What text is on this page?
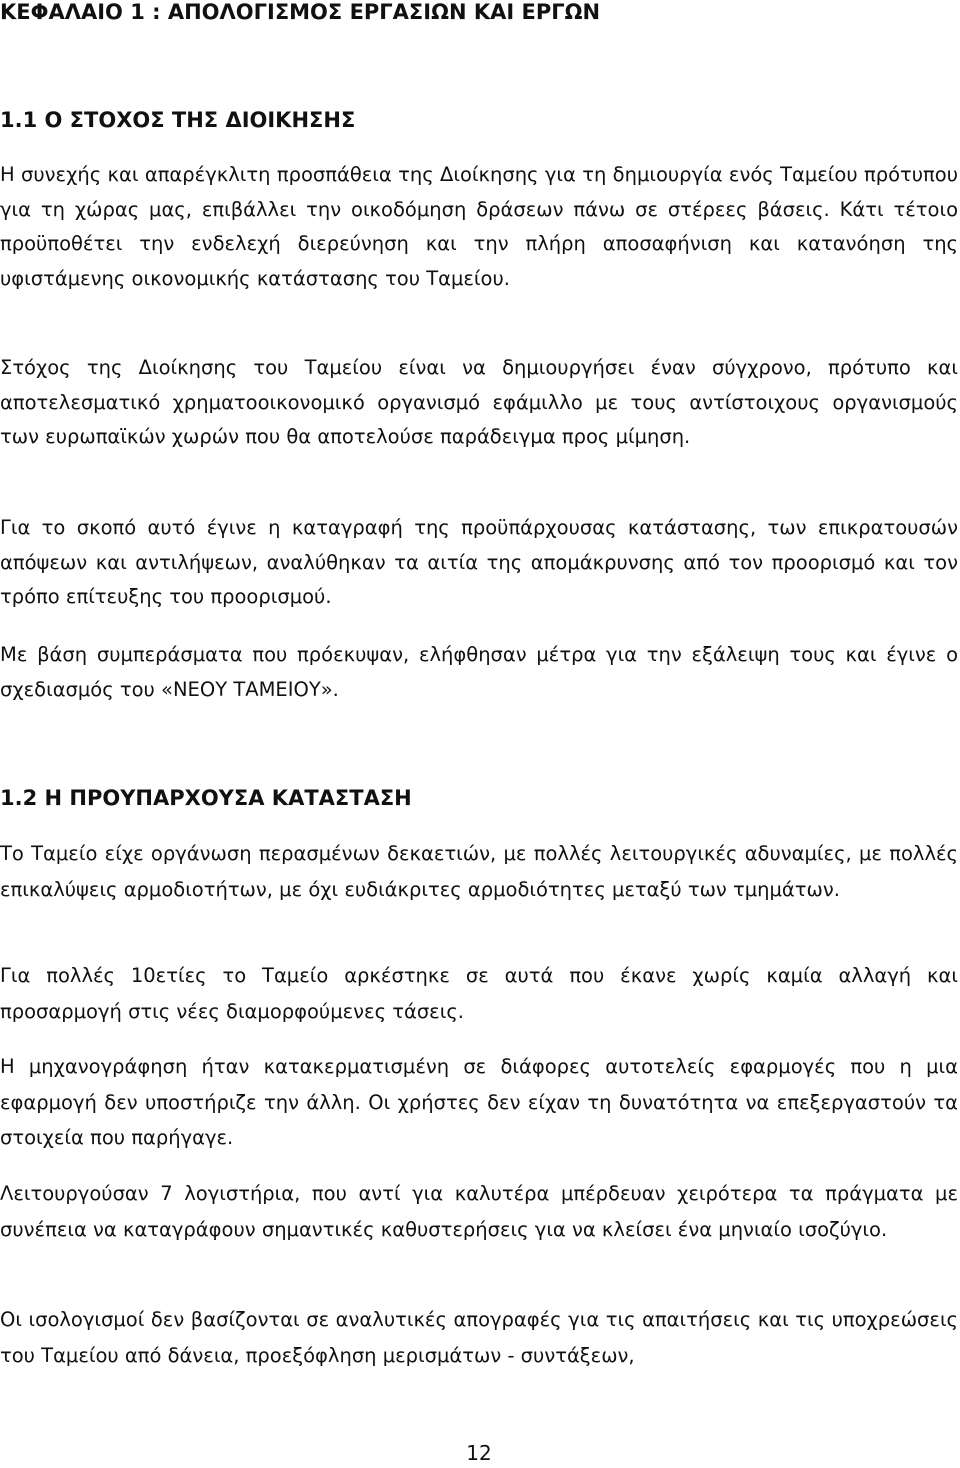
ΚΕΦΑΛΑΙΟ 1 : ΑΠΟΛΟΓΙΣΜΟΣ ΕΡΓΑΣΙΩΝ ΚΑΙ ΕΡΓΩΝ
1.1 Ο ΣΤΟΧΟΣ ΤΗΣ ΔΙΟΙΚΗΣΗΣ

Η συνεχής και απαρέγκλιτη προσπάθεια της Διοίκησης για τη δημιουργία ενός Ταμείου πρότυπου για τη χώρας μας, επιβάλλει την οικοδόμηση δράσεων πάνω σε στέρεες βάσεις. Κάτι τέτοιο προϋποθέτει την ενδελεχή διερεύνηση και την πλήρη αποσαφήνιση και κατανόηση της υφιστάμενης οικονομικής κατάστασης του Ταμείου.

Στόχος της Διοίκησης του Ταμείου είναι να δημιουργήσει έναν σύγχρονο, πρότυπο και αποτελεσματικό χρηματοοικονομικό οργανισμό εφάμιλλο με τους αντίστοιχους οργανισμούς των ευρωπαϊκών χωρών που θα αποτελούσε παράδειγμα προς μίμηση.

Για το σκοπό αυτό έγινε η καταγραφή της προϋπάρχουσας κατάστασης, των επικρατουσών απόψεων και αντιλήψεων, αναλύθηκαν τα αιτία της απομάκρυνσης από τον προορισμό και τον τρόπο επίτευξης του προορισμού.

Με βάση συμπεράσματα που πρόεκυψαν, ελήφθησαν μέτρα για την εξάλειψη τους και έγινε ο σχεδιασμός του «ΝΕΟΥ ΤΑΜΕΙΟΥ».

1.2 Η ΠΡΟΥΠΑΡΧΟΥΣΑ ΚΑΤΑΣΤΑΣΗ

Το Ταμείο είχε οργάνωση περασμένων δεκαετιών, με πολλές λειτουργικές αδυναμίες, με πολλές επικαλύψεις αρμοδιοτήτων, με όχι ευδιάκριτες αρμοδιότητες μεταξύ των τμημάτων.

Για πολλές 10ετίες το Ταμείο αρκέστηκε σε αυτά που έκανε χωρίς καμία αλλαγή και προσαρμογή στις νέες διαμορφούμενες τάσεις.

Η μηχανογράφηση ήταν κατακερματισμένη σε διάφορες αυτοτελείς εφαρμογές που η μια εφαρμογή δεν υποστήριζε την άλλη. Οι χρήστες δεν είχαν τη δυνατότητα να επεξεργαστούν τα στοιχεία που παρήγαγε.

Λειτουργούσαν 7 λογιστήρια, που αντί για καλυτέρα μπέρδευαν χειρότερα τα πράγματα με συνέπεια να καταγράφουν σημαντικές καθυστερήσεις για να κλείσει ένα μηνιαίο ισοζύγιο.

Οι ισολογισμοί δεν βασίζονται σε αναλυτικές απογραφές για τις απαιτήσεις και τις υποχρεώσεις του Ταμείου από δάνεια, προεξόφληση μερισμάτων - συντάξεων,

12
